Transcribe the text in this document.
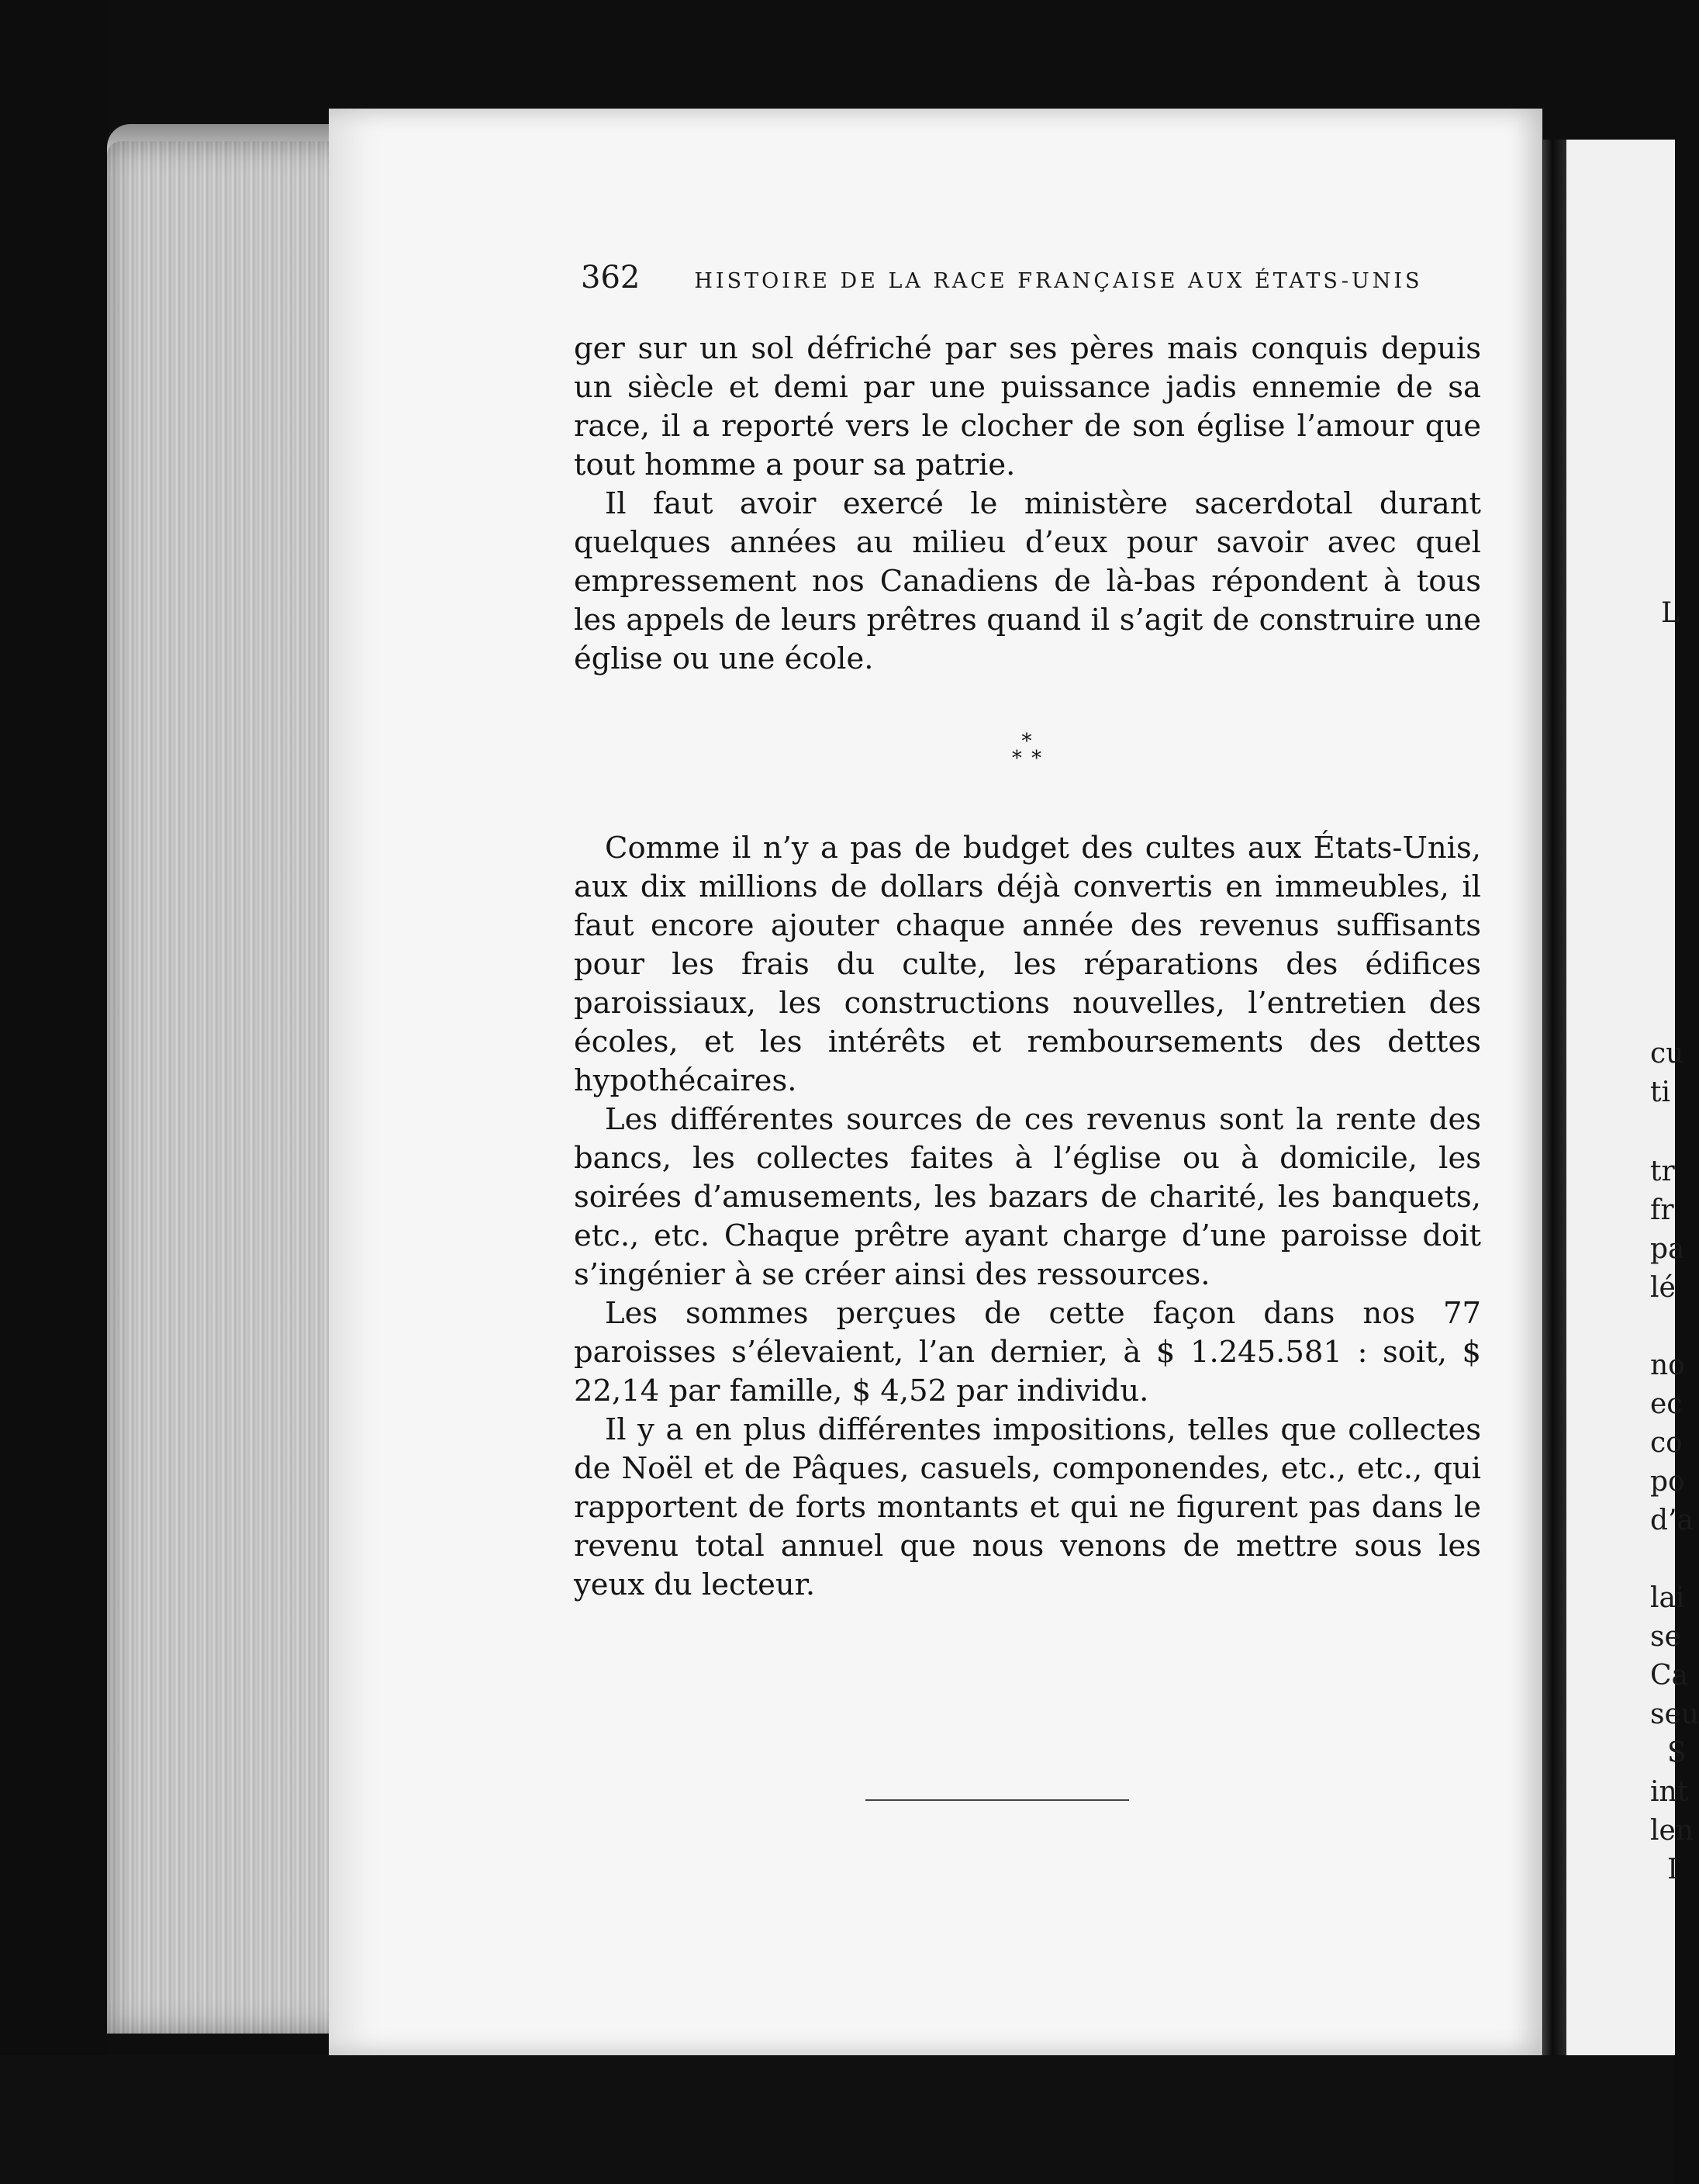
362	HISTOIRE DE LA RACE FRANÇAISE AUX ÉTATS-UNIS

ger sur un sol défriché par ses pères mais conquis depuis un siècle et demi par une puissance jadis ennemie de sa race, il a reporté vers le clocher de son église l’amour que tout homme a pour sa patrie.

Il faut avoir exercé le ministère sacerdotal durant quelques années au milieu d’eux pour savoir avec quel empressement nos Canadiens de là-bas répondent à tous les appels de leurs prêtres quand il s’agit de construire une église ou une école.

*
* *

Comme il n’y a pas de budget des cultes aux États-Unis, aux dix millions de dollars déjà convertis en immeubles, il faut encore ajouter chaque année des revenus suffisants pour les frais du culte, les réparations des édifices paroissiaux, les constructions nouvelles, l’entretien des écoles, et les intérêts et remboursements des dettes hypothécaires.

Les différentes sources de ces revenus sont la rente des bancs, les collectes faites à l’église ou à domicile, les soirées d’amusements, les bazars de charité, les banquets, etc., etc. Chaque prêtre ayant charge d’une paroisse doit s’ingénier à se créer ainsi des ressources.

Les sommes perçues de cette façon dans nos 77 paroisses s’élevaient, l’an dernier, à $ 1.245.581 : soit, $ 22,14 par famille, $ 4,52 par individu.

Il y a en plus différentes impositions, telles que collectes de Noël et de Pâques, casuels, componendes, etc., etc., qui rapportent de forts montants et qui ne figurent pas dans le revenu total annuel que nous venons de mettre sous les yeux du lecteur.

L
cu
ti
tr
fr
pa
lé
no
ec
co
po
d’a
lai
se
Ca
seu
S
int
len
I
